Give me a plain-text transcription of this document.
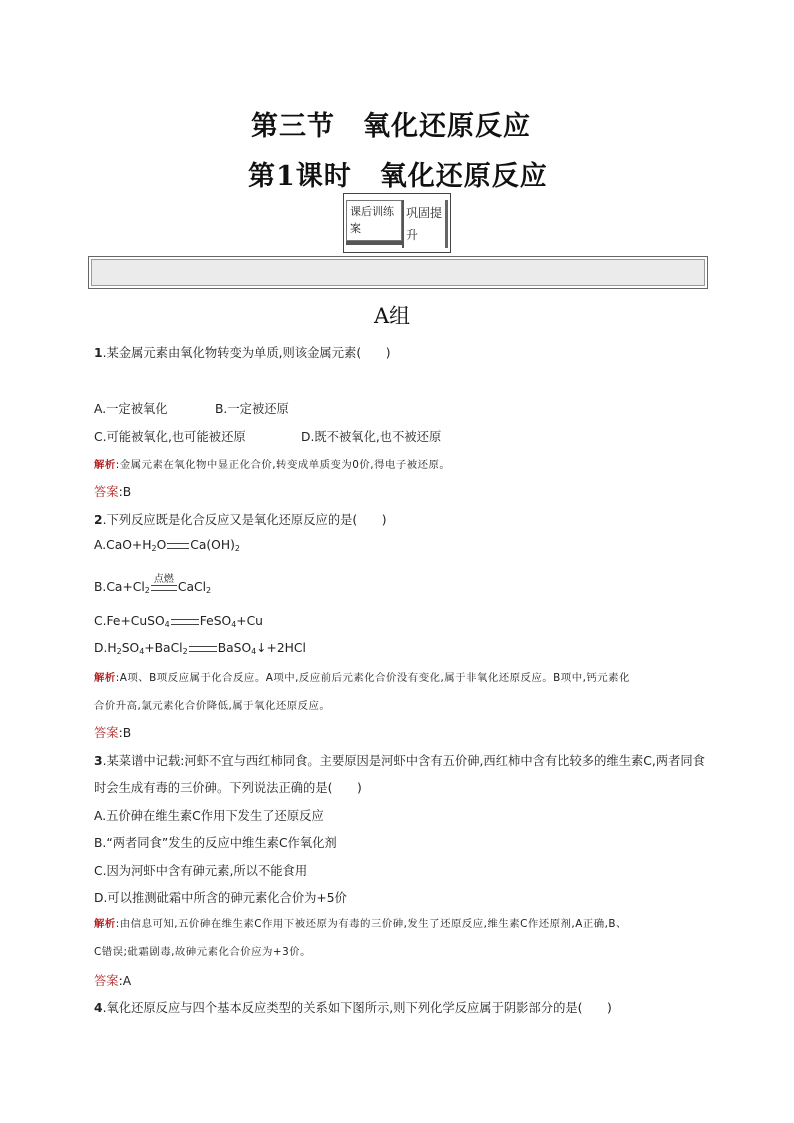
第三节　氧化还原反应
第1课时　氧化还原反应
课后训练
案
巩固提
升
A组
1.某金属元素由氧化物转变为单质,则该金属元素(　　)
A.一定被氧化	B.一定被还原
C.可能被氧化,也可能被还原	D.既不被氧化,也不被还原
解析:金属元素在氧化物中显正化合价,转变成单质变为0价,得电子被还原。
答案:B
2.下列反应既是化合反应又是氧化还原反应的是(　　)
$A.CaO+H_2O$ $Ca(OH)_2$
$B.Ca+Cl_2$
点燃
CaCl$_2$
C.Fe+CuSO$_4$ FeSO$_4$+Cu
$D.H_2SO_4+BaCl_2$ BaSO$_4$↓+2HCl
解析:A项、B项反应属于化合反应。A项中,反应前后元素化合价没有变化,属于非氧化还原反应。B项中,钙元素化
合价升高,氯元素化合价降低,属于氧化还原反应。
答案:B
3.某菜谱中记载:河虾不宜与西红柿同食。主要原因是河虾中含有五价砷,西红柿中含有比较多的维生素C,两者同食
时会生成有毒的三价砷。下列说法正确的是(　　)
A.五价砷在维生素C作用下发生了还原反应
B.“两者同食”发生的反应中维生素C作氧化剂
C.因为河虾中含有砷元素,所以不能食用
D.可以推测砒霜中所含的砷元素化合价为+5价
解析:由信息可知,五价砷在维生素C作用下被还原为有毒的三价砷,发生了还原反应,维生素C作还原剂,A正确,B、
C错误;砒霜剧毒,故砷元素化合价应为+3价。
答案:A
4.氧化还原反应与四个基本反应类型的关系如下图所示,则下列化学反应属于阴影部分的是(　　)
